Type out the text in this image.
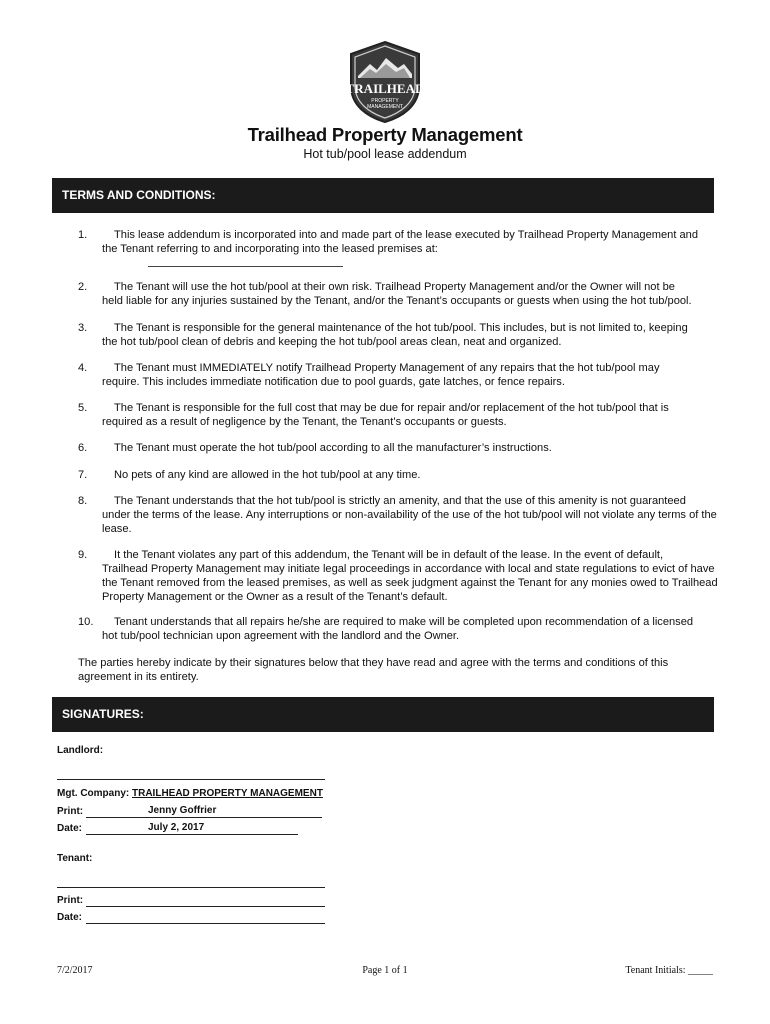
TRAILHEAD
PROPERTY
MANAGEMENT
Trailhead Property Management
Hot tub/pool lease addendum
TERMS AND CONDITIONS:
1.	This lease addendum is incorporated into and made part of the lease executed by Trailhead Property Management and
the Tenant referring to and incorporating into the leased premises at:
2.	The Tenant will use the hot tub/pool at their own risk. Trailhead Property Management and/or the Owner will not be
held liable for any injuries sustained by the Tenant, and/or the Tenant’s occupants or guests when using the hot tub/pool.
3.	The Tenant is responsible for the general maintenance of the hot tub/pool. This includes, but is not limited to, keeping
the hot tub/pool clean of debris and keeping the hot tub/pool areas clean, neat and organized.
4.	The Tenant must IMMEDIATELY notify Trailhead Property Management of any repairs that the hot tub/pool may
require. This includes immediate notification due to pool guards, gate latches, or fence repairs.
5.	The Tenant is responsible for the full cost that may be due for repair and/or replacement of the hot tub/pool that is
required as a result of negligence by the Tenant, the Tenant’s occupants or guests.
6.	The Tenant must operate the hot tub/pool according to all the manufacturer’s instructions.
7.	No pets of any kind are allowed in the hot tub/pool at any time.
8.	The Tenant understands that the hot tub/pool is strictly an amenity, and that the use of this amenity is not guaranteed
under the terms of the lease. Any interruptions or non-availability of the use of the hot tub/pool will not violate any terms of the lease.
9.	It the Tenant violates any part of this addendum, the Tenant will be in default of the lease. In the event of default,
Trailhead Property Management may initiate legal proceedings in accordance with local and state regulations to evict of have the Tenant removed from the leased premises, as well as seek judgment against the Tenant for any monies owed to Trailhead Property Management or the Owner as a result of the Tenant’s default.
10.	Tenant understands that all repairs he/she are required to make will be completed upon recommendation of a licensed
hot tub/pool technician upon agreement with the landlord and the Owner.
The parties hereby indicate by their signatures below that they have read and agree with the terms and conditions of this agreement in its entirety.
SIGNATURES:
Landlord:
Mgt. Company: TRAILHEAD PROPERTY MANAGEMENT
Print:	Jenny Goffrier
Date:	July 2, 2017
Tenant:
Print:
Date:
7/2/2017	Page 1 of 1	Tenant Initials: _____
